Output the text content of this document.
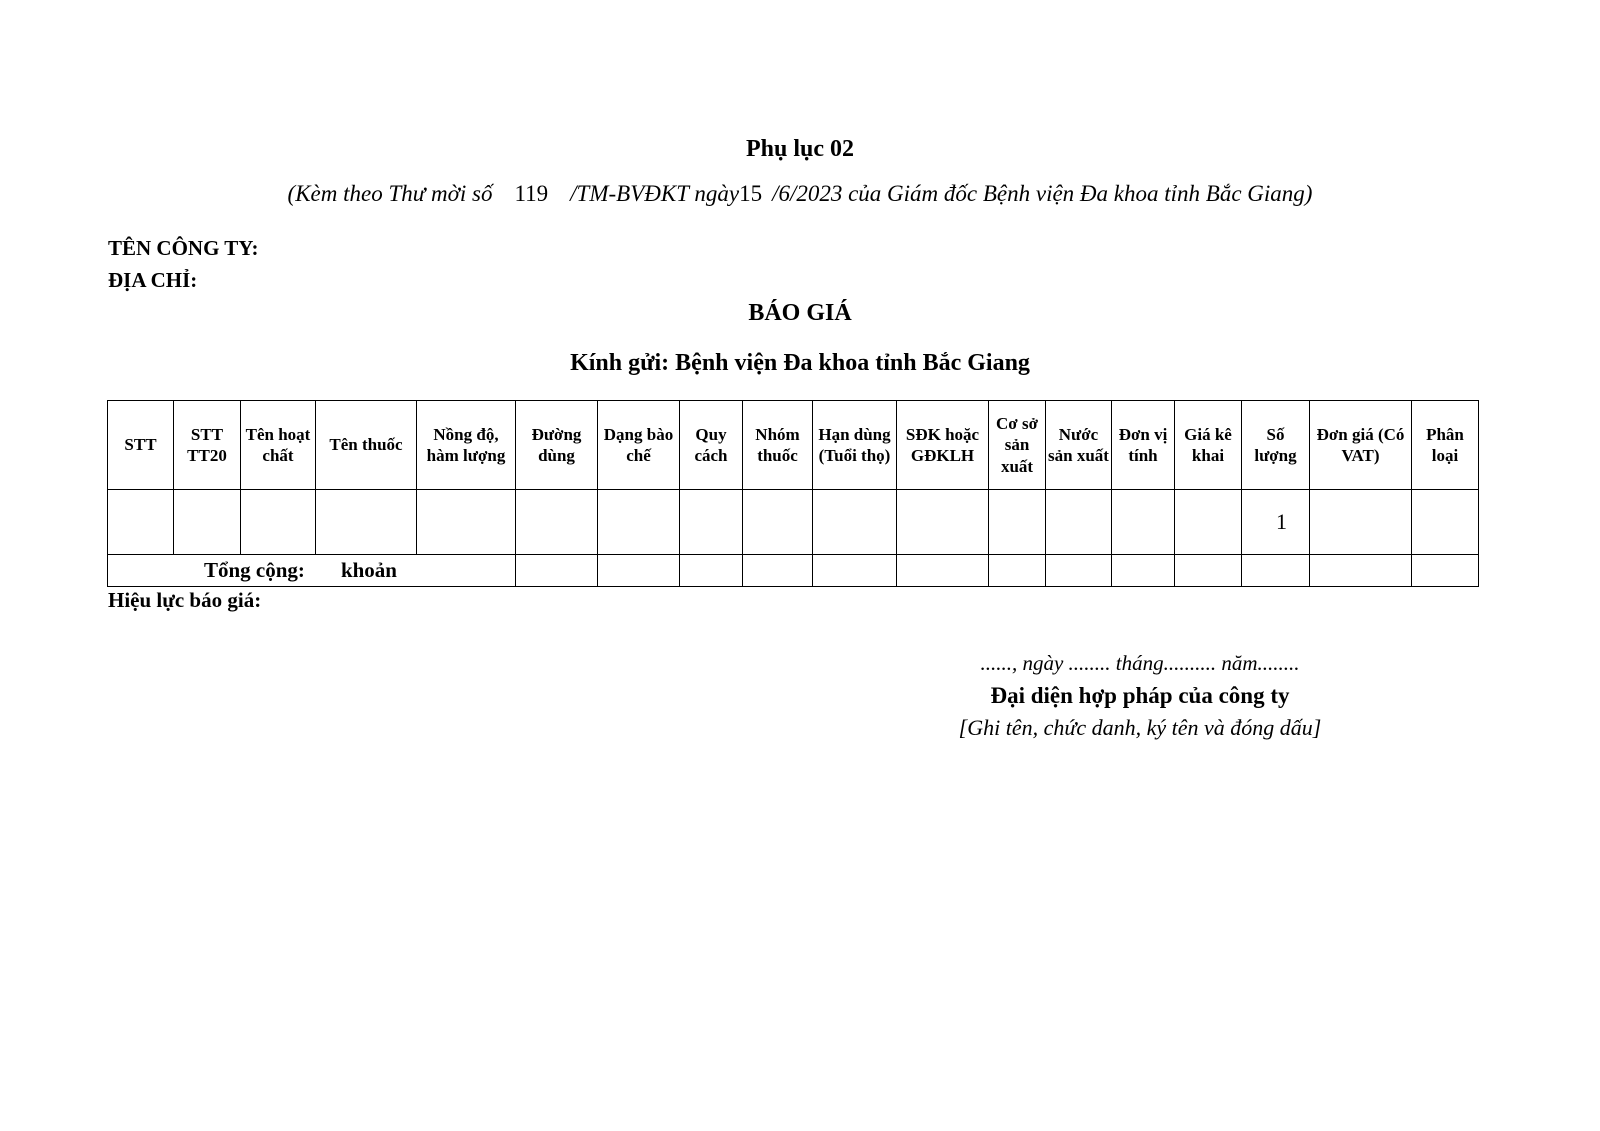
Phụ lục 02
(Kèm theo Thư mời số 119 /TM-BVĐKT ngày15 /6/2023 của Giám đốc Bệnh viện Đa khoa tỉnh Bắc Giang)
TÊN CÔNG TY:
ĐỊA CHỈ:
BÁO GIÁ
Kính gửi: Bệnh viện Đa khoa tỉnh Bắc Giang
STT	STT TT20	Tên hoạt chất	Tên thuốc	Nồng độ, hàm lượng	Đường dùng	Dạng bào chế	Quy cách	Nhóm thuốc	Hạn dùng (Tuổi thọ)	SĐK hoặc GĐKLH	Cơ sở sản xuất	Nước sản xuất	Đơn vị tính	Giá kê khai	Số lượng	Đơn giá (Có VAT)	Phân loại
															1		
Tổng cộng: khoản																	
Hiệu lực báo giá:
......, ngày ........ tháng.......... năm........
Đại diện hợp pháp của công ty
[Ghi tên, chức danh, ký tên và đóng dấu]
